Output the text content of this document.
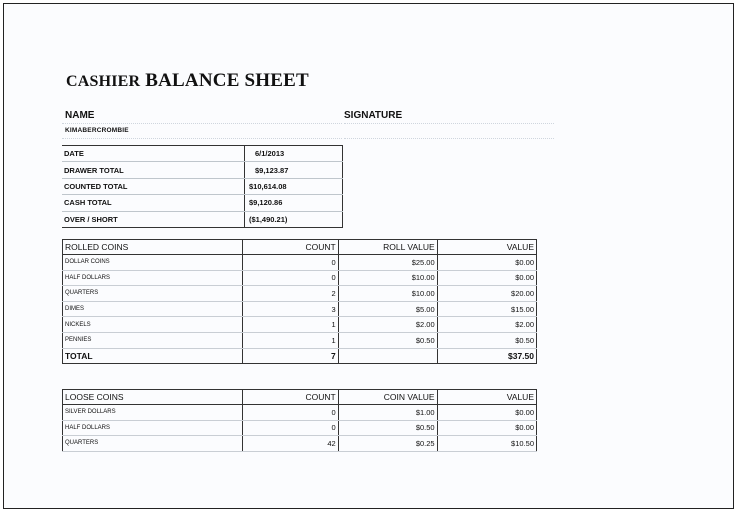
CASHIER BALANCE SHEET
NAME	SIGNATURE
KIMABERCROMBIE
DATE	6/1/2013
DRAWER TOTAL	$9,123.87
COUNTED TOTAL	$10,614.08
CASH TOTAL	$9,120.86
OVER / SHORT	($1,490.21)
ROLLED COINS	COUNT	ROLL VALUE	VALUE
DOLLAR COINS	0	$25.00	$0.00
HALF DOLLARS	0	$10.00	$0.00
QUARTERS	2	$10.00	$20.00
DIMES	3	$5.00	$15.00
NICKELS	1	$2.00	$2.00
PENNIES	1	$0.50	$0.50
TOTAL	7		$37.50
LOOSE COINS	COUNT	COIN VALUE	VALUE
SILVER DOLLARS	0	$1.00	$0.00
HALF DOLLARS	0	$0.50	$0.00
QUARTERS	42	$0.25	$10.50
